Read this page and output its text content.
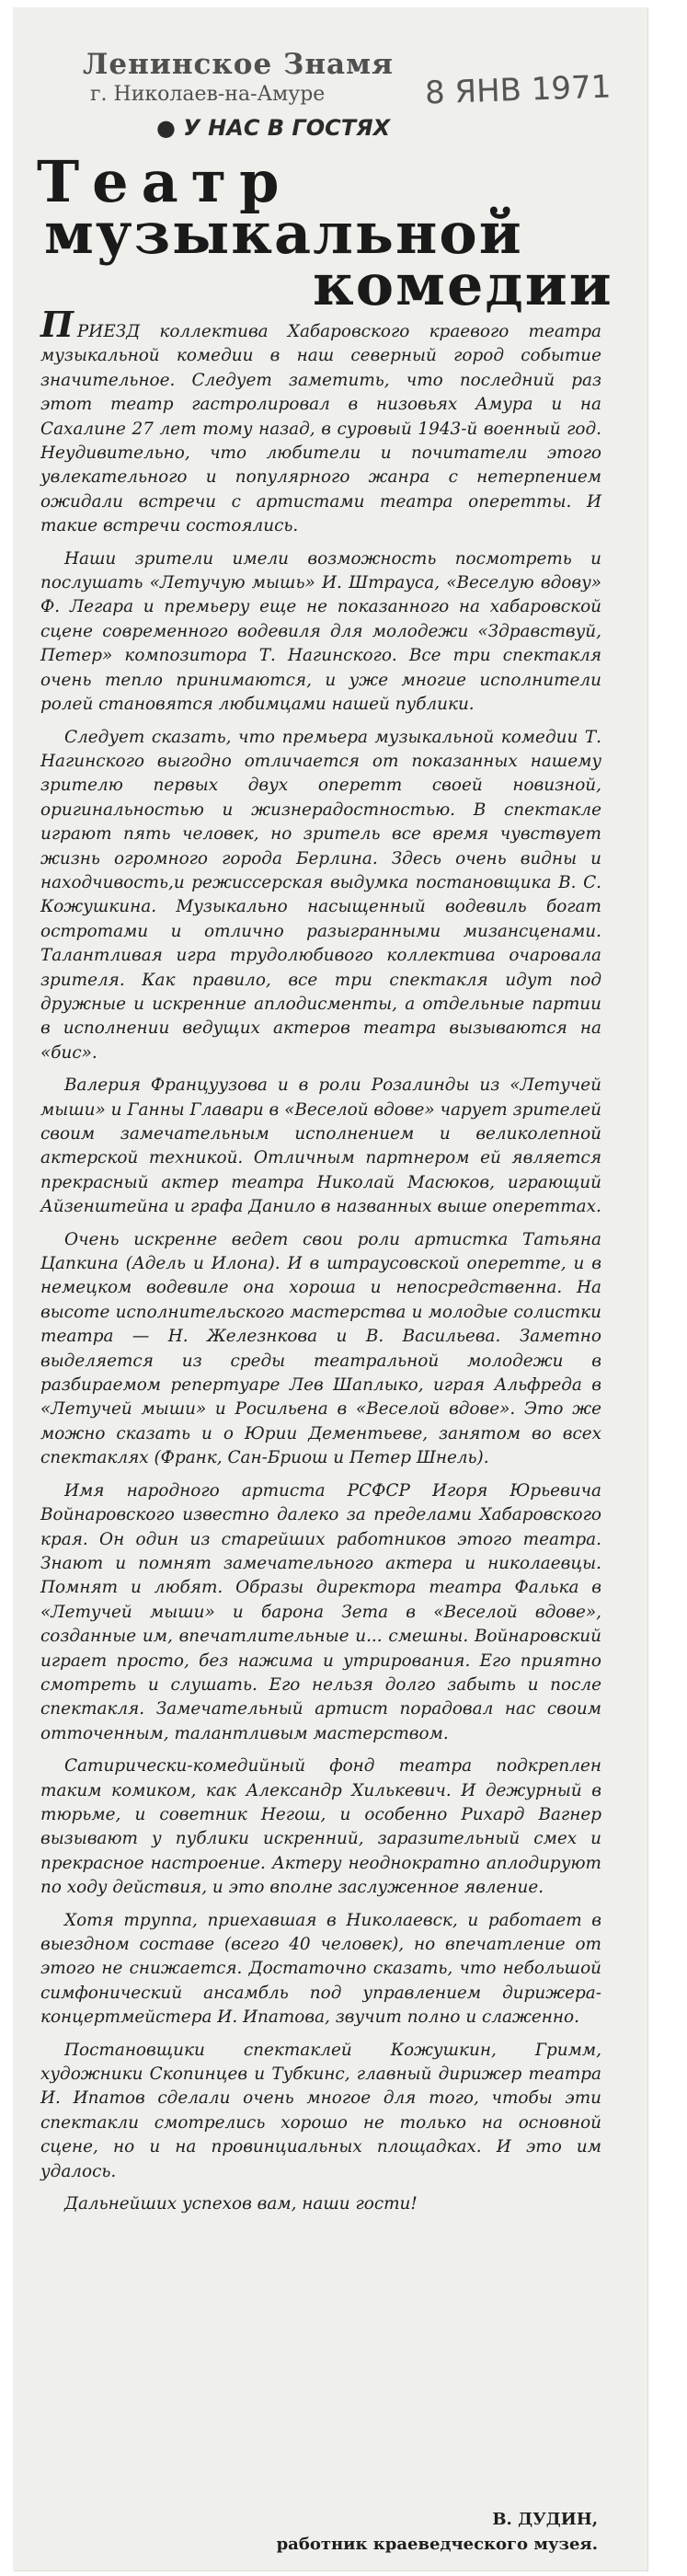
Ленинское Знамя
г. Николаев-на-Амуре	8 ЯНВ 1971
● У НАС В ГОСТЯХ
Театр
музыкальной
комедии

ПРИЕЗД коллектива Хабаровского краевого театра музыкальной комедии в наш северный город событие значительное. Следует заметить, что последний раз этот театр гастролировал в низовьях Амура и на Сахалине 27 лет тому назад, в суровый 1943-й военный год. Неудивительно, что любители и почитатели этого увлекательного и популярного жанра с нетерпением ожидали встречи с артистами театра оперетты. И такие встречи состоялись.

Наши зрители имели возможность посмотреть и послушать «Летучую мышь» И. Штрауса, «Веселую вдову» Ф. Легара и премьеру еще не показанного на хабаровской сцене современного водевиля для молодежи «Здравствуй, Петер» композитора Т. Нагинского. Все три спектакля очень тепло принимаются, и уже многие исполнители ролей становятся любимцами нашей публики.

Следует сказать, что премьера музыкальной комедии Т. Нагинского выгодно отличается от показанных нашему зрителю первых двух оперетт своей новизной, оригинальностью и жизнерадостностью. В спектакле играют пять человек, но зритель все время чувствует жизнь огромного города Берлина. Здесь очень видны и находчивость,и режиссерская выдумка постановщика В. С. Кожушкина. Музыкально насыщенный водевиль богат остротами и отлично разыгранными мизансценами. Талантливая игра трудолюбивого коллектива очаровала зрителя. Как правило, все три спектакля идут под дружные и искренние аплодисменты, а отдельные партии в исполнении ведущих актеров театра вызываются на «бис».

Валерия Француузова и в роли Розалинды из «Летучей мыши» и Ганны Главари в «Веселой вдове» чарует зрителей своим замечательным исполнением и великолепной актерской техникой. Отличным партнером ей является прекрасный актер театра Николай Масюков, играющий Айзенштейна и графа Данило в названных выше опереттах.

Очень искренне ведет свои роли артистка Татьяна Цапкина (Адель и Илона). И в штраусовской оперетте, и в немецком водевиле она хороша и непосредственна. На высоте исполнительского мастерства и молодые солистки театра — Н. Железнкова и В. Васильева. Заметно выделяется из среды театральной молодежи в разбираемом репертуаре Лев Шаплыко, играя Альфреда в «Летучей мыши» и Росильена в «Веселой вдове». Это же можно сказать и о Юрии Дементьеве, занятом во всех спектаклях (Франк, Сан-Бриош и Петер Шнель).

Имя народного артиста РСФСР Игоря Юрьевича Войнаровского известно далеко за пределами Хабаровского края. Он один из старейших работников этого театра. Знают и помнят замечательного актера и николаевцы. Помнят и любят. Образы директора театра Фалька в «Летучей мыши» и барона Зета в «Веселой вдове», созданные им, впечатлительные и... смешны. Войнаровский играет просто, без нажима и утрирования. Его приятно смотреть и слушать. Его нельзя долго забыть и после спектакля. Замечательный артист порадовал нас своим отточенным, талантливым мастерством.

Сатирически-комедийный фонд театра подкреплен таким комиком, как Александр Хилькевич. И дежурный в тюрьме, и советник Негош, и особенно Рихард Вагнер вызывают у публики искренний, заразительный смех и прекрасное настроение. Актеру неоднократно аплодируют по ходу действия, и это вполне заслуженное явление.

Хотя труппа, приехавшая в Николаевск, и работает в выездном составе (всего 40 человек), но впечатление от этого не снижается. Достаточно сказать, что небольшой симфонический ансамбль под управлением дирижера-концертмейстера И. Ипатова, звучит полно и слаженно.

Постановщики спектаклей Кожушкин, Гримм, художники Скопинцев и Тубкинс, главный дирижер театра И. Ипатов сделали очень многое для того, чтобы эти спектакли смотрелись хорошо не только на основной сцене, но и на провинциальных площадках. И это им удалось.

Дальнейших успехов вам, наши гости!

В. ДУДИН,
работник краеведческого музея.
